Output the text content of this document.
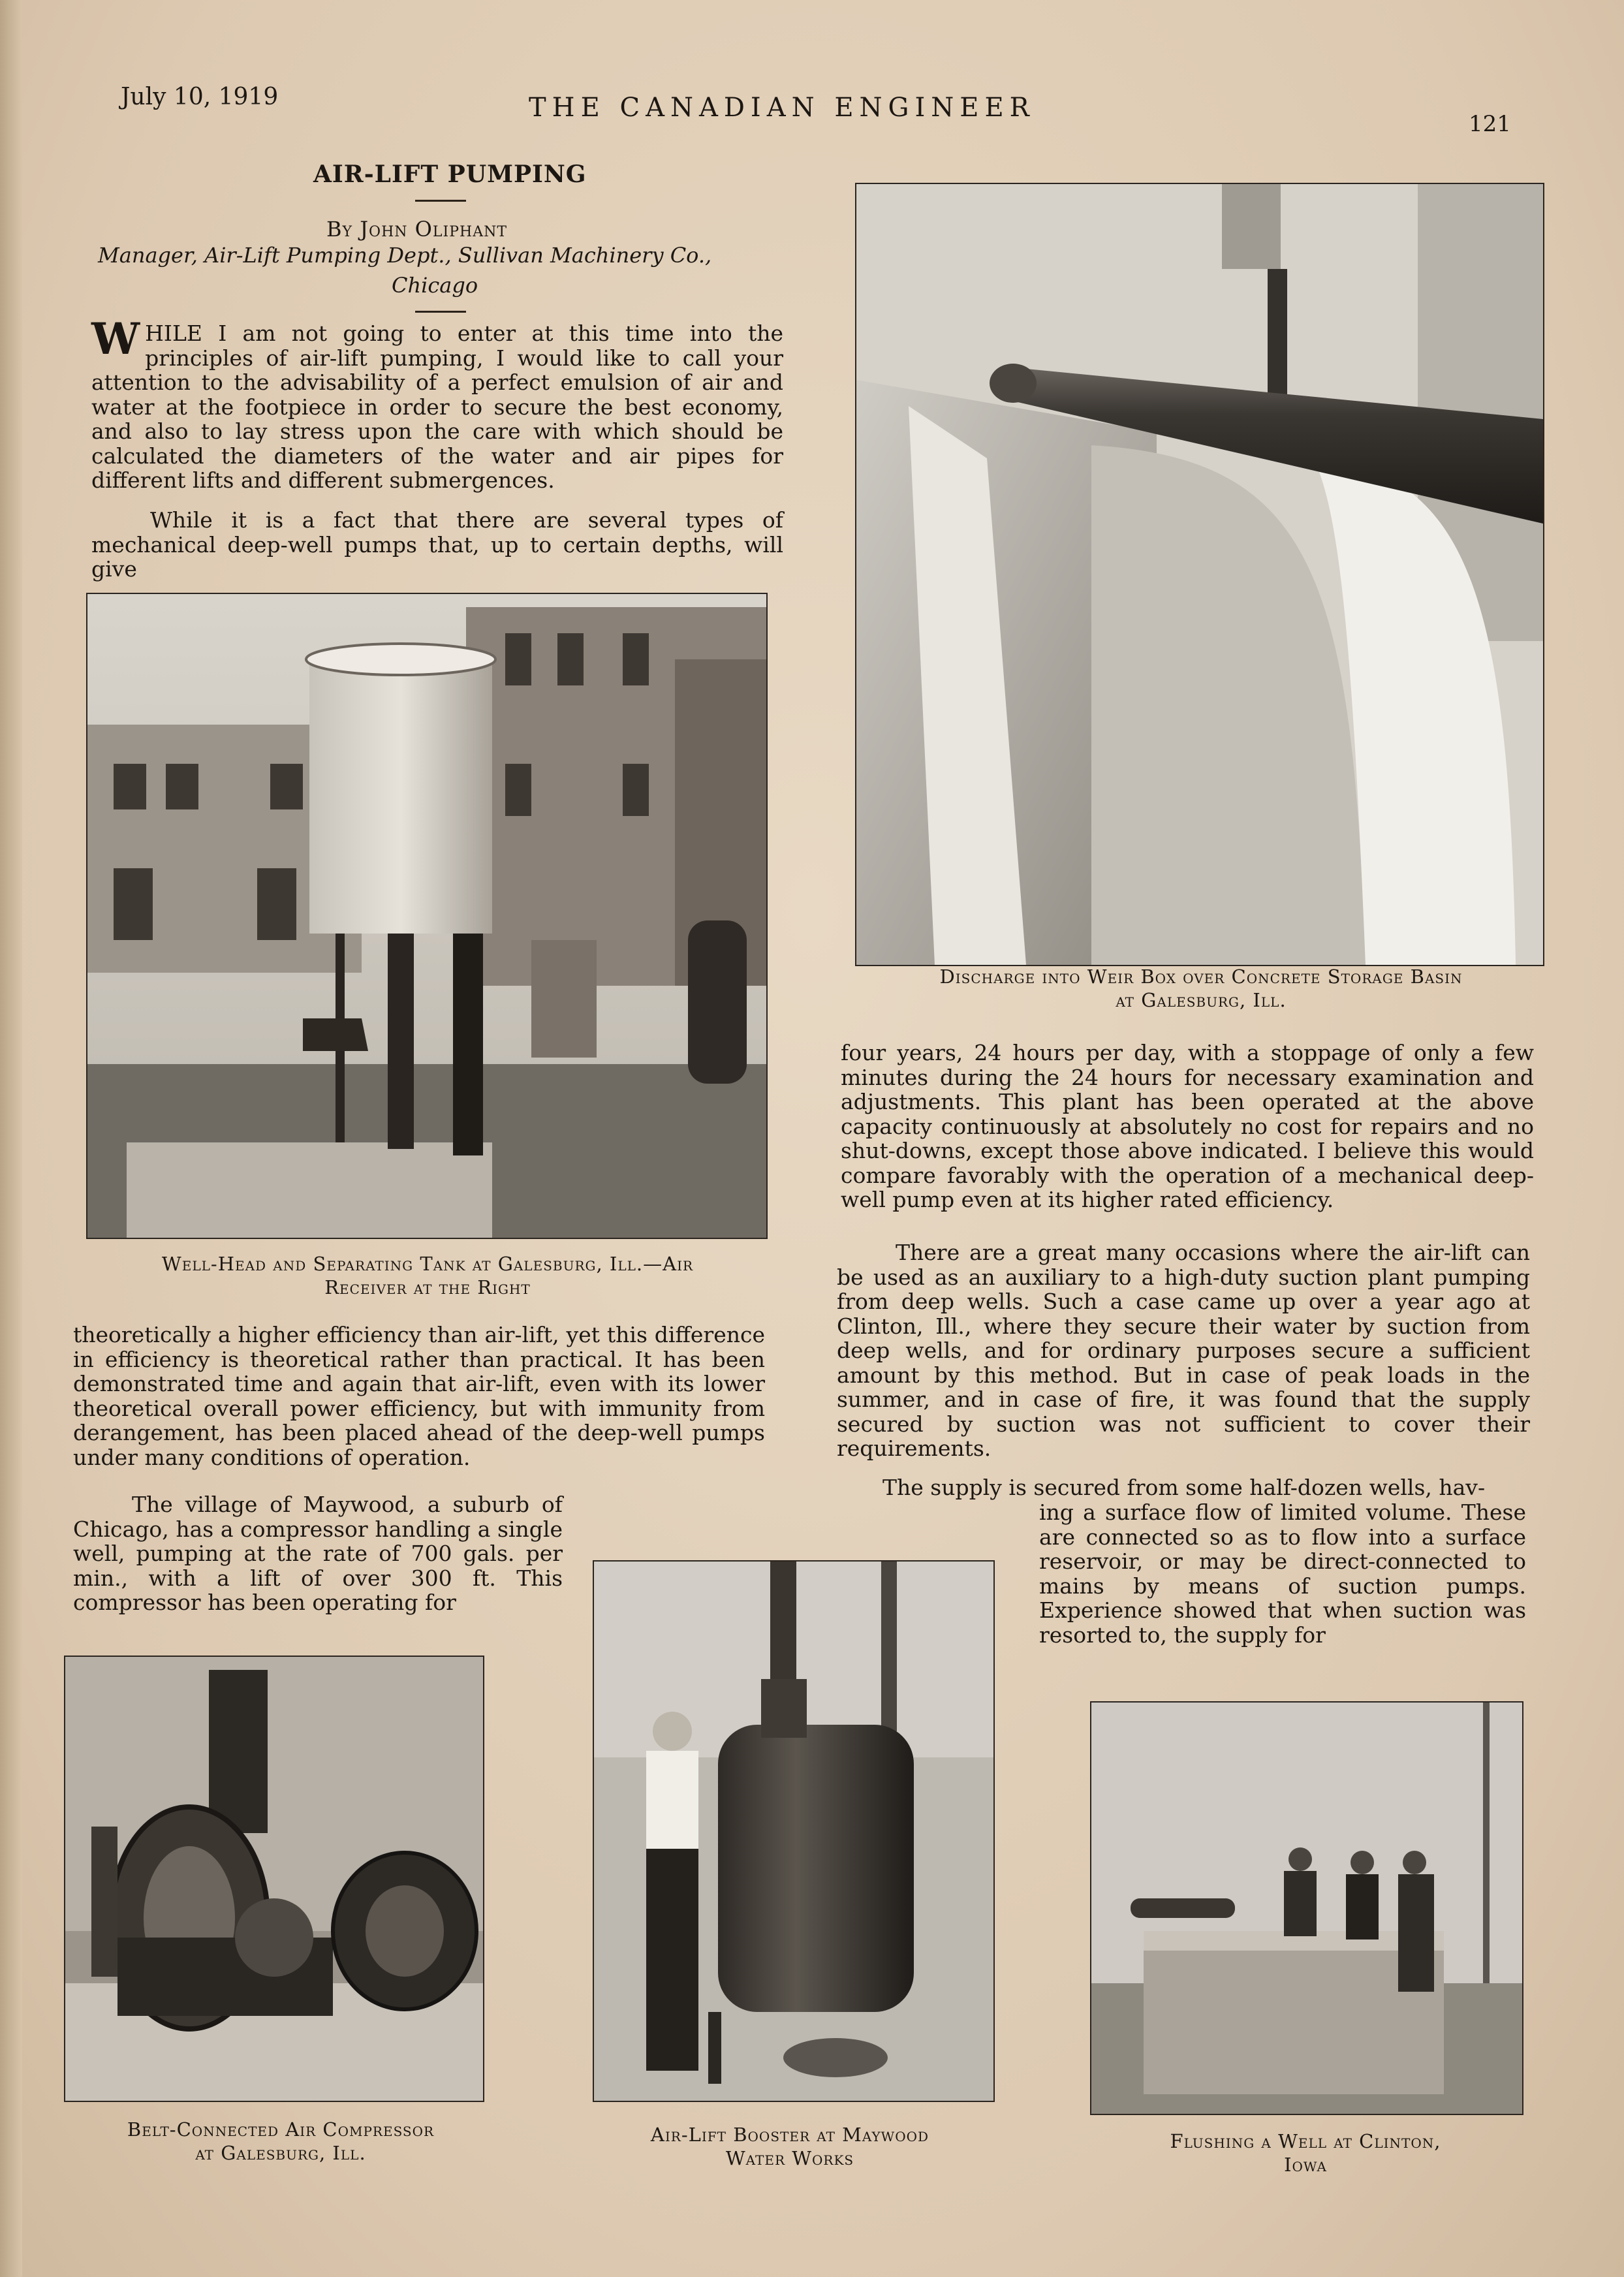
July 10, 1919	THE CANADIAN ENGINEER
121
AIR-LIFT PUMPING
By John Oliphant
Manager, Air-Lift Pumping Dept., Sullivan Machinery Co.,
Chicago

WHILE I am not going to enter at this time into the principles of air-lift pumping, I would like to call your attention to the advisability of a perfect emulsion of air and water at the footpiece in order to secure the best economy, and also to lay stress upon the care with which should be calculated the diameters of the water and air pipes for different lifts and different submergences.

While it is a fact that there are several types of mechanical deep-well pumps that, up to certain depths, will give

Well-Head and Separating Tank at Galesburg, Ill.—Air
Receiver at the Right

theoretically a higher efficiency than air-lift, yet this difference in efficiency is theoretical rather than practical. It has been demonstrated time and again that air-lift, even with its lower theoretical overall power efficiency, but with immunity from derangement, has been placed ahead of the deep-well pumps under many conditions of operation.

The village of Maywood, a suburb of Chicago, has a compressor handling a single well, pumping at the rate of 700 gals. per min., with a lift of over 300 ft. This compressor has been operating for

Discharge into Weir Box over Concrete Storage Basin
at Galesburg, Ill.

four years, 24 hours per day, with a stoppage of only a few minutes during the 24 hours for necessary examination and adjustments. This plant has been operated at the above capacity continuously at absolutely no cost for repairs and no shut-downs, except those above indicated. I believe this would compare favorably with the operation of a mechanical deep-well pump even at its higher rated efficiency.

There are a great many occasions where the air-lift can be used as an auxiliary to a high-duty suction plant pumping from deep wells. Such a case came up over a year ago at Clinton, Ill., where they secure their water by suction from deep wells, and for ordinary purposes secure a sufficient amount by this method. But in case of peak loads in the summer, and in case of fire, it was found that the supply secured by suction was not sufficient to cover their requirements.

The supply is secured from some half-dozen wells, hav-

ing a surface flow of limited volume. These are connected so as to flow into a surface reservoir, or may be direct-connected to mains by means of suction pumps. Experience showed that when suction was resorted to, the supply for

Belt-Connected Air Compressor
at Galesburg, Ill.
Air-Lift Booster at Maywood
Water Works
Flushing a Well at Clinton,
Iowa
